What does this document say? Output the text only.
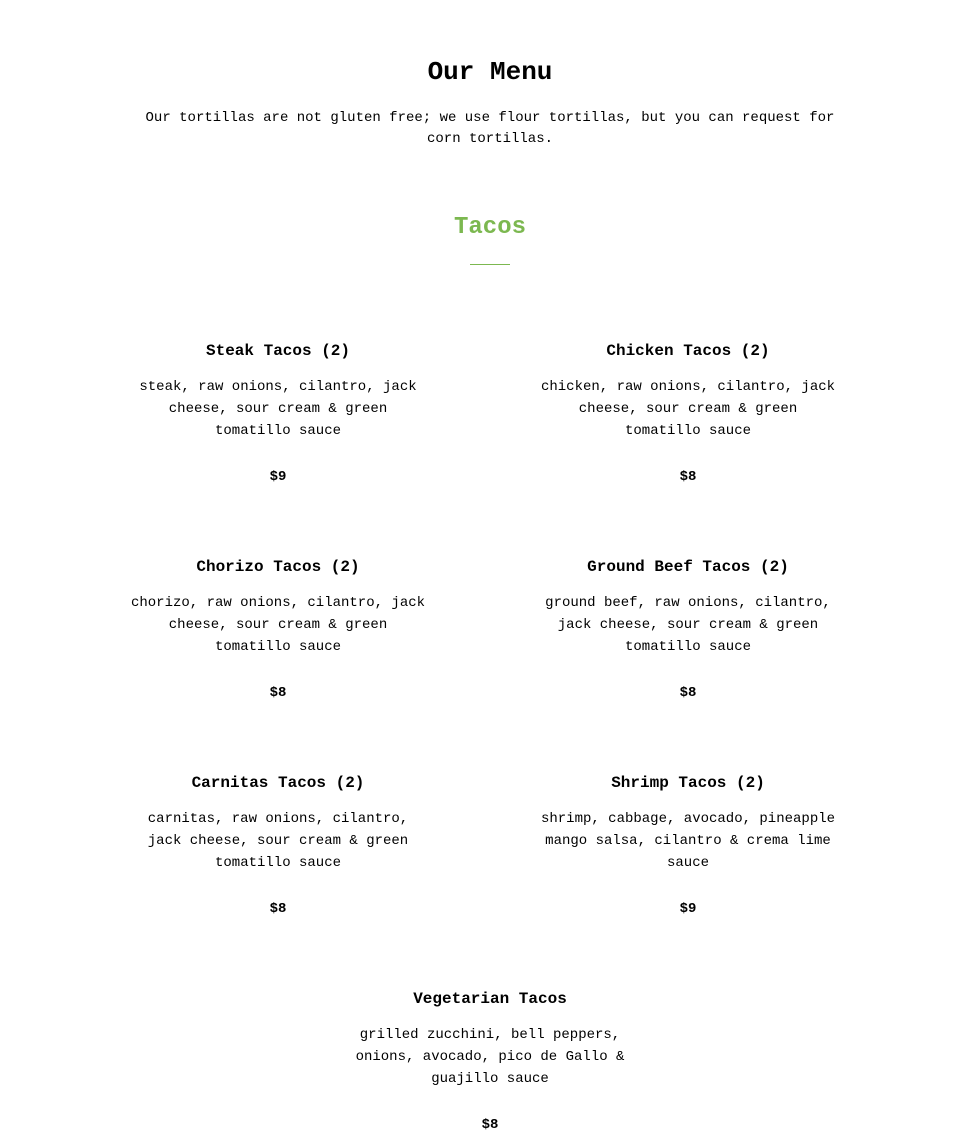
Our Menu

Our tortillas are not gluten free; we use flour tortillas, but you can request for corn tortillas.

Tacos
Steak Tacos (2)

steak, raw onions, cilantro, jack cheese, sour cream & green tomatillo sauce

$9

Chicken Tacos (2)

chicken, raw onions, cilantro, jack cheese, sour cream & green tomatillo sauce

$8

Chorizo Tacos (2)

chorizo, raw onions, cilantro, jack cheese, sour cream & green tomatillo sauce

$8

Ground Beef Tacos (2)

ground beef, raw onions, cilantro, jack cheese, sour cream & green tomatillo sauce

$8

Carnitas Tacos (2)

carnitas, raw onions, cilantro, jack cheese, sour cream & green tomatillo sauce

$8

Shrimp Tacos (2)

shrimp, cabbage, avocado, pineapple mango salsa, cilantro & crema lime sauce

$9

Vegetarian Tacos

grilled zucchini, bell peppers, onions, avocado, pico de Gallo & guajillo sauce

$8
